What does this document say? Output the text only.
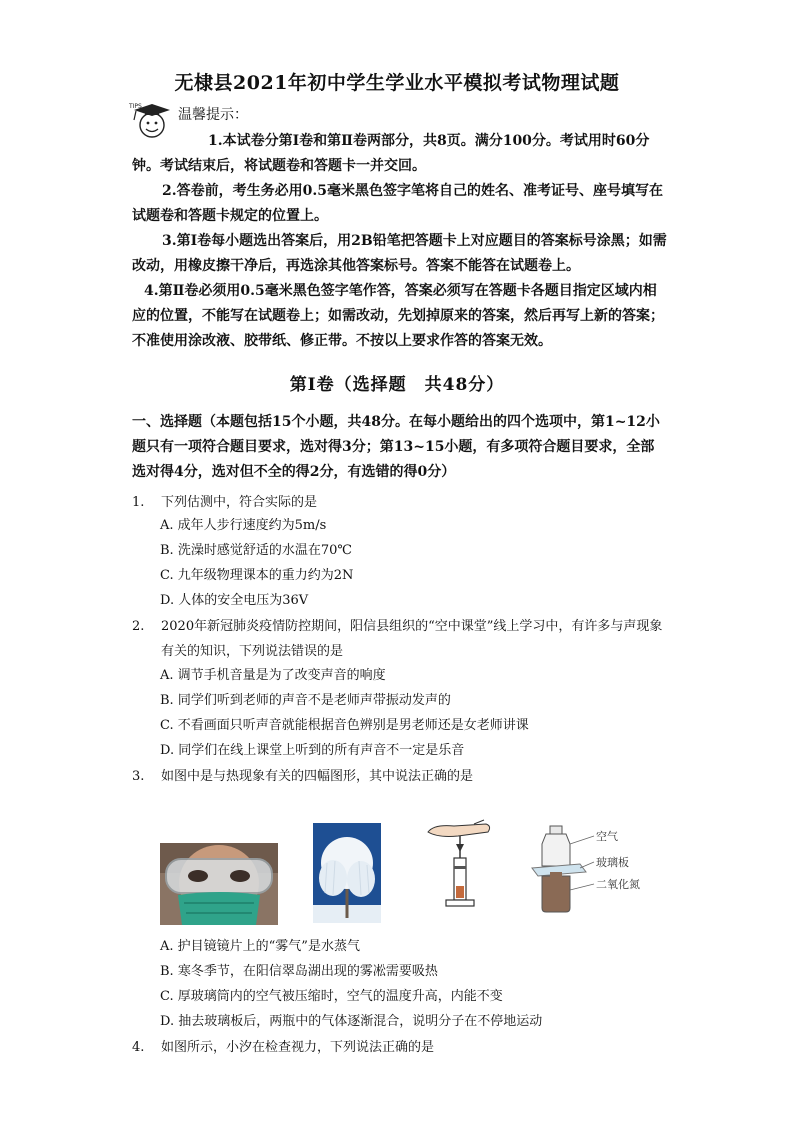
无棣县2021年初中学生学业水平模拟考试物理试题
TIPS
温馨提示：

1.本试卷分第Ⅰ卷和第Ⅱ卷两部分，共8页。满分100分。考试用时60分钟。考试结束后，将试题卷和答题卡一并交回。

2.答卷前，考生务必用0.5毫米黑色签字笔将自己的姓名、准考证号、座号填写在试题卷和答题卡规定的位置上。

3.第Ⅰ卷每小题选出答案后，用2B铅笔把答题卡上对应题目的答案标号涂黑；如需改动，用橡皮擦干净后，再选涂其他答案标号。答案不能答在试题卷上。

4.第Ⅱ卷必须用0.5毫米黑色签字笔作答，答案必须写在答题卡各题目指定区域内相应的位置，不能写在试题卷上；如需改动，先划掉原来的答案，然后再写上新的答案；不准使用涂改液、胶带纸、修正带。不按以上要求作答的答案无效。

第Ⅰ卷（选择题　共48分）

一、选择题（本题包括15个小题，共48分。在每小题给出的四个选项中，第1~12小题只有一项符合题目要求，选对得3分；第13~15小题，有多项符合题目要求，全部选对得4分，选对但不全的得2分，有选错的得0分）

1. 下列估测中，符合实际的是
A. 成年人步行速度约为5m/s
B. 洗澡时感觉舒适的水温在70℃
C. 九年级物理课本的重力约为2N
D. 人体的安全电压为36V
2. 2020年新冠肺炎疫情防控期间，阳信县组织的“空中课堂”线上学习中，有许多与声现象有关的知识，下列说法错误的是
A. 调节手机音量是为了改变声音的响度
B. 同学们听到老师的声音不是老师声带振动发声的
C. 不看画面只听声音就能根据音色辨别是男老师还是女老师讲课
D. 同学们在线上课堂上听到的所有声音不一定是乐音
3. 如图中是与热现象有关的四幅图形，其中说法正确的是
空气
玻璃板
二氧化氮
A. 护目镜镜片上的“雾气”是水蒸气
B. 寒冬季节，在阳信翠岛湖出现的雾凇需要吸热
C. 厚玻璃筒内的空气被压缩时，空气的温度升高，内能不变
D. 抽去玻璃板后，两瓶中的气体逐渐混合，说明分子在不停地运动
4. 如图所示，小汐在检查视力，下列说法正确的是
